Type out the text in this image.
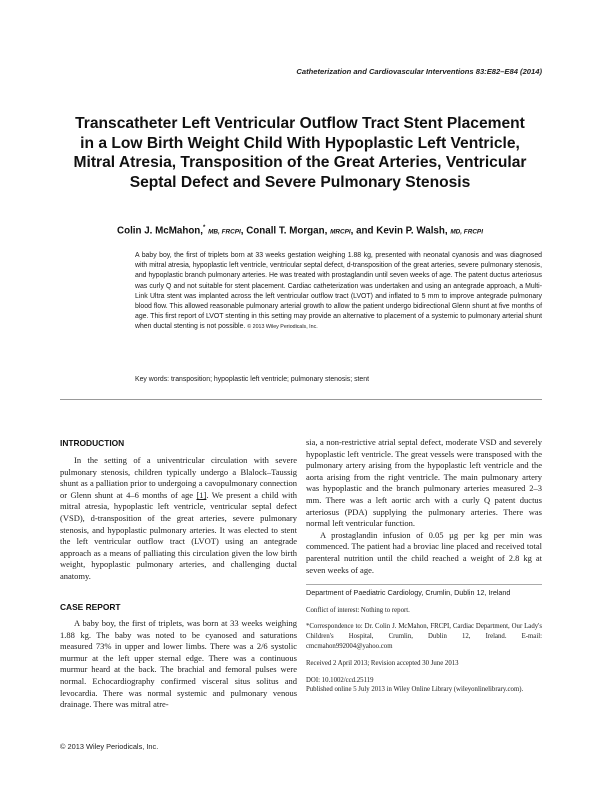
Catheterization and Cardiovascular Interventions 83:E82–E84 (2014)
Transcatheter Left Ventricular Outflow Tract Stent Placement in a Low Birth Weight Child With Hypoplastic Left Ventricle, Mitral Atresia, Transposition of the Great Arteries, Ventricular Septal Defect and Severe Pulmonary Stenosis
Colin J. McMahon,* MB, FRCPI, Conall T. Morgan, MRCPI, and Kevin P. Walsh, MD, FRCPI
A baby boy, the first of triplets born at 33 weeks gestation weighing 1.88 kg, presented with neonatal cyanosis and was diagnosed with mitral atresia, hypoplastic left ventricle, ventricular septal defect, d-transposition of the great arteries, severe pulmonary stenosis, and hypoplastic branch pulmonary arteries. He was treated with prostaglandin until seven weeks of age. The patent ductus arteriosus was curly Q and not suitable for stent placement. Cardiac catheterization was undertaken and using an antegrade approach, a Multi-Link Ultra stent was implanted across the left ventricular outflow tract (LVOT) and inflated to 5 mm to improve antegrade pulmonary blood flow. This allowed reasonable pulmonary arterial growth to allow the patient undergo bidirectional Glenn shunt at five months of age. This first report of LVOT stenting in this setting may provide an alternative to placement of a systemic to pulmonary arterial shunt when ductal stenting is not possible. © 2013 Wiley Periodicals, Inc.
Key words: transposition; hypoplastic left ventricle; pulmonary stenosis; stent
INTRODUCTION

In the setting of a univentricular circulation with severe pulmonary stenosis, children typically undergo a Blalock–Taussig shunt as a palliation prior to undergoing a cavopulmonary connection or Glenn shunt at 4–6 months of age [1]. We present a child with mitral atresia, hypoplastic left ventricle, ventricular septal defect (VSD), d-transposition of the great arteries, severe pulmonary stenosis, and hypoplastic pulmonary arteries. It was elected to stent the left ventricular outflow tract (LVOT) using an antegrade approach as a means of palliating this circulation given the low birth weight, hypoplastic pulmonary arteries, and challenging ductal anatomy.

CASE REPORT

A baby boy, the first of triplets, was born at 33 weeks weighing 1.88 kg. The baby was noted to be cyanosed and saturations measured 73% in upper and lower limbs. There was a 2/6 systolic murmur at the left upper sternal edge. There was a continuous murmur heard at the back. The brachial and femoral pulses were normal. Echocardiography confirmed visceral situs solitus and levocardia. There was normal systemic and pulmonary venous drainage. There was mitral atre-

sia, a non-restrictive atrial septal defect, moderate VSD and severely hypoplastic left ventricle. The great vessels were transposed with the pulmonary artery arising from the hypoplastic left ventricle and the aorta arising from the right ventricle. The main pulmonary artery was hypoplastic and the branch pulmonary arteries measured 2–3 mm. There was a left aortic arch with a curly Q patent ductus arteriosus (PDA) supplying the pulmonary arteries. There was normal left ventricular function.

A prostaglandin infusion of 0.05 µg per kg per min was commenced. The patient had a broviac line placed and received total parenteral nutrition until the child reached a weight of 2.8 kg at seven weeks of age.

Department of Paediatric Cardiology, Crumlin, Dublin 12, Ireland

Conflict of interest: Nothing to report.

*Correspondence to: Dr. Colin J. McMahon, FRCPI, Cardiac Department, Our Lady's Children's Hospital, Crumlin, Dublin 12, Ireland. E-mail: cmcmahon992004@yahoo.com

Received 2 April 2013; Revision accepted 30 June 2013

DOI: 10.1002/ccd.25119

Published online 5 July 2013 in Wiley Online Library (wileyonlinelibrary.com).

© 2013 Wiley Periodicals, Inc.
